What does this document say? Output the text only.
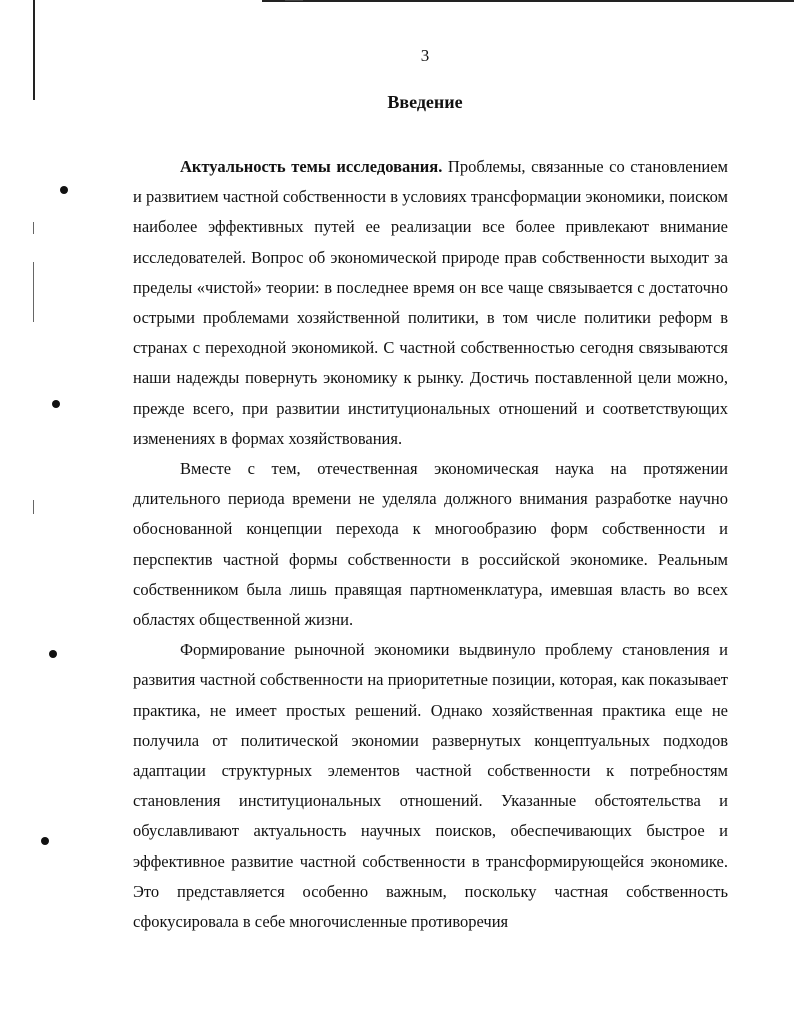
3
Введение

Актуальность темы исследования. Проблемы, связанные со становлением и развитием частной собственности в условиях трансформации экономики, поиском наиболее эффективных путей ее реализации все более привлекают внимание исследователей. Вопрос об экономической природе прав собственности выходит за пределы «чистой» теории: в последнее время он все чаще связывается с достаточно острыми проблемами хозяйственной политики, в том числе политики реформ в странах с переходной экономикой. С частной собственностью сегодня связываются наши надежды повернуть экономику к рынку. Достичь поставленной цели можно, прежде всего, при развитии институциональных отношений и соответствующих изменениях в формах хозяйствования.

Вместе с тем, отечественная экономическая наука на протяжении длительного периода времени не уделяла должного внимания разработке научно обоснованной концепции перехода к многообразию форм собственности и перспектив частной формы собственности в российской экономике. Реальным собственником была лишь правящая партноменклатура, имевшая власть во всех областях общественной жизни.

Формирование рыночной экономики выдвинуло проблему становления и развития частной собственности на приоритетные позиции, которая, как показывает практика, не имеет простых решений. Однако хозяйственная практика еще не получила от политической экономии развернутых концептуальных подходов адаптации структурных элементов частной собственности к потребностям становления институциональных отношений. Указанные обстоятельства и обуславливают актуальность научных поисков, обеспечивающих быстрое и эффективное развитие частной собственности в трансформирующейся экономике. Это представляется особенно важным, поскольку частная собственность сфокусировала в себе многочисленные противоречия
